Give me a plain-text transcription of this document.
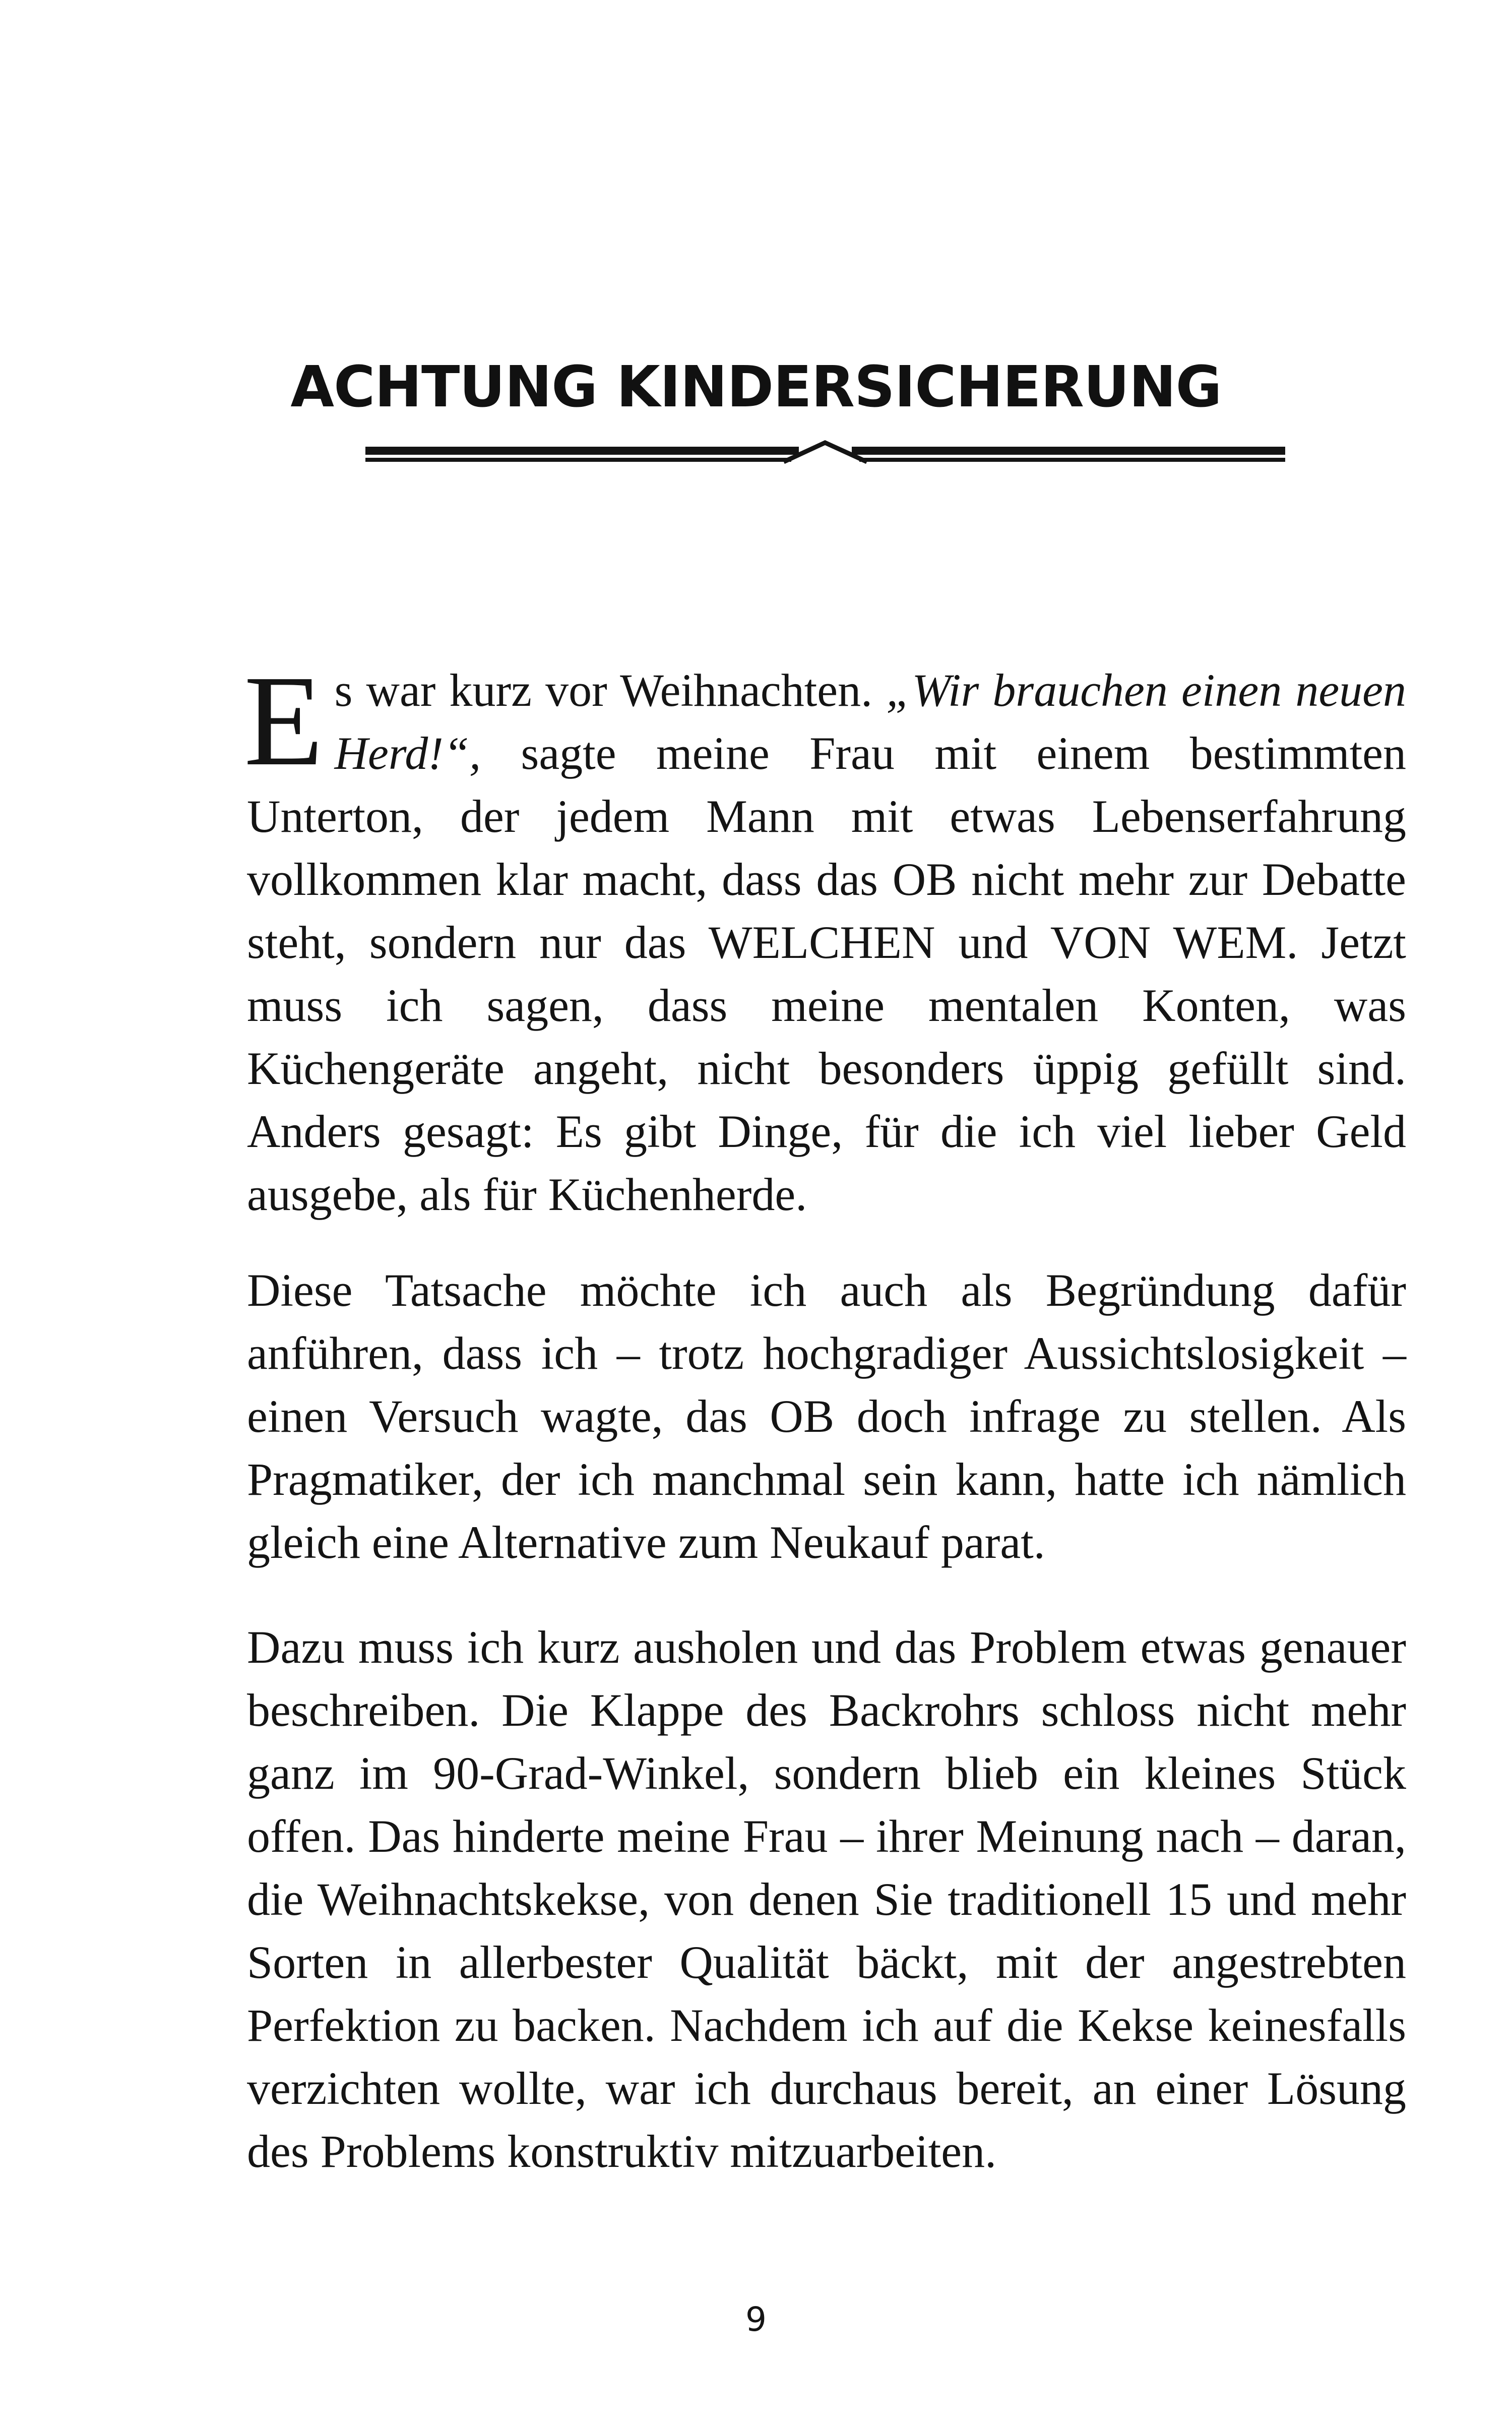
ACHTUNG KINDERSICHERUNG

Es war kurz vor Weihnachten. „Wir brauchen einen neuen Herd!“, sagte meine Frau mit einem bestimmten Unterton, der jedem Mann mit etwas Lebenserfahrung vollkommen klar macht, dass das OB nicht mehr zur Debatte steht, sondern nur das WELCHEN und VON WEM. Jetzt muss ich sagen, dass meine mentalen Konten, was Küchengeräte angeht, nicht besonders üppig gefüllt sind. Anders gesagt: Es gibt Dinge, für die ich viel lieber Geld ausgebe, als für Küchenherde.

Diese Tatsache möchte ich auch als Begründung dafür anführen, dass ich – trotz hochgradiger Aussichtslosigkeit – einen Versuch wagte, das OB doch infrage zu stellen. Als Pragmatiker, der ich manchmal sein kann, hatte ich nämlich gleich eine Alternative zum Neukauf parat.

Dazu muss ich kurz ausholen und das Problem etwas genauer beschreiben. Die Klappe des Backrohrs schloss nicht mehr ganz im 90-Grad-Winkel, sondern blieb ein kleines Stück offen. Das hinderte meine Frau – ihrer Meinung nach – daran, die Weihnachtskekse, von denen Sie traditionell 15 und mehr Sorten in allerbester Qualität bäckt, mit der angestrebten Perfektion zu backen. Nachdem ich auf die Kekse keinesfalls verzichten wollte, war ich durchaus bereit, an einer Lösung des Problems konstruktiv mitzuarbeiten.

9
